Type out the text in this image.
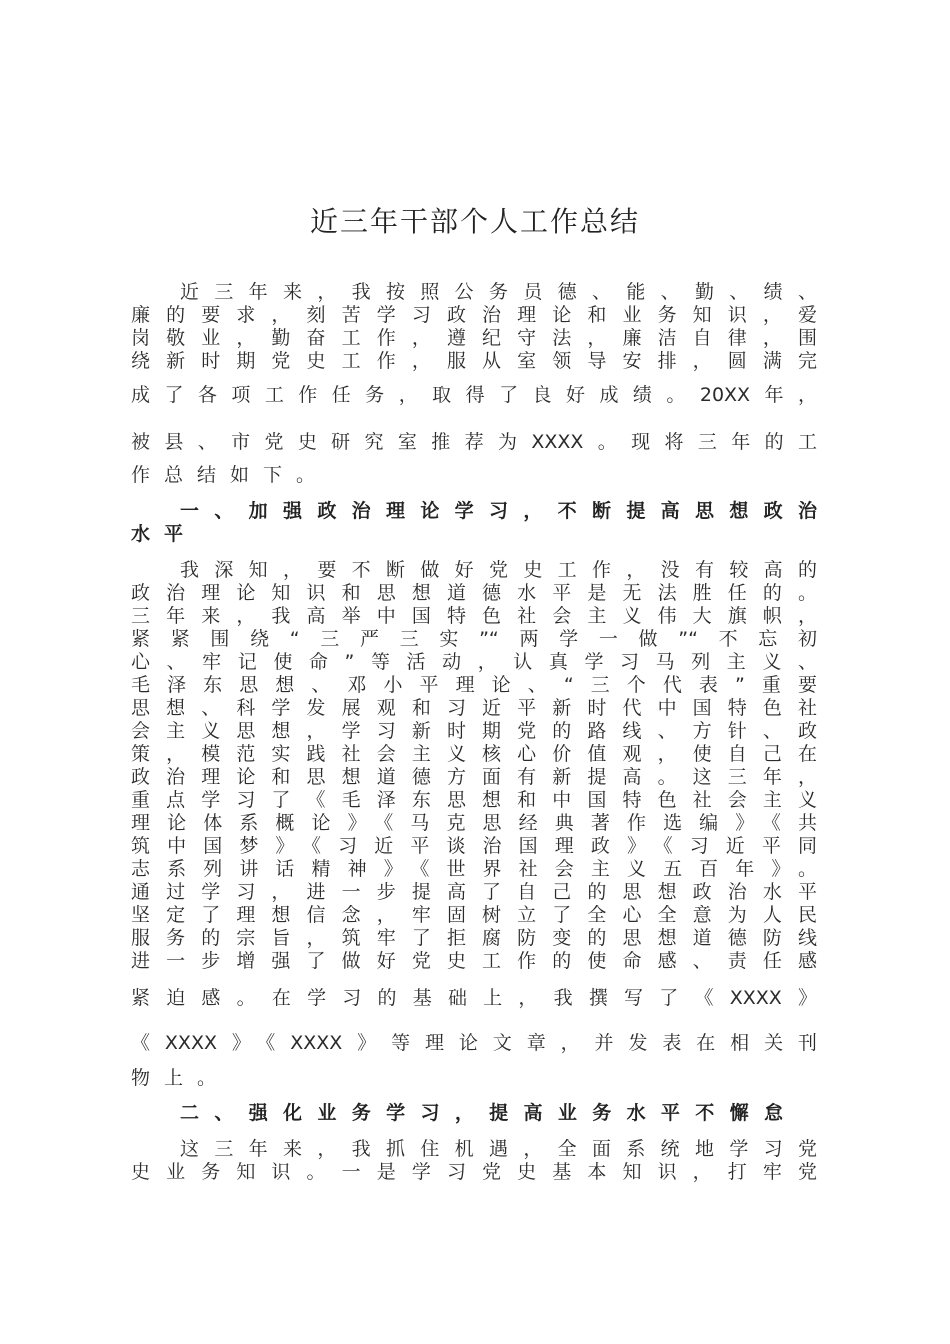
近三年干部个人工作总结
近三年来，我按照公务员德、能、勤、绩、
廉的要求，刻苦学习政治理论和业务知识，爱
岗敬业，勤奋工作，遵纪守法，廉洁自律，围
绕新时期党史工作，服从室领导安排，圆满完
成了各项工作任务，取得了良好成绩。20XX年，
被县、市党史研究室推荐为XXXX。现将三年的工
作总结如下。
一、加强政治理论学习，不断提高思想政治
水平
我深知，要不断做好党史工作，没有较高的
政治理论知识和思想道德水平是无法胜任的。
三年来，我高举中国特色社会主义伟大旗帜，
紧紧围绕“三严三实”“两学一做”“不忘初
心、牢记使命”等活动，认真学习马列主义、
毛泽东思想、邓小平理论、“三个代表”重要
思想、科学发展观和习近平新时代中国特色社
会主义思想，学习新时期党的路线、方针、政
策，模范实践社会主义核心价值观，使自己在
政治理论和思想道德方面有新提高。这三年，
重点学习了《毛泽东思想和中国特色社会主义
理论体系概论》《马克思经典著作选编》《共
筑中国梦》《习近平谈治国理政》《习近平同
志系列讲话精神》《世界社会主义五百年》。
通过学习，进一步提高了自己的思想政治水平
坚定了理想信念，牢固树立了全心全意为人民
服务的宗旨，筑牢了拒腐防变的思想道德防线
进一步增强了做好党史工作的使命感、责任感
紧迫感。在学习的基础上，我撰写了《XXXX》
《XXXX》《XXXX》等理论文章，并发表在相关刊
物上。
二、强化业务学习，提高业务水平不懈怠
这三年来，我抓住机遇，全面系统地学习党
史业务知识。一是学习党史基本知识，打牢党
